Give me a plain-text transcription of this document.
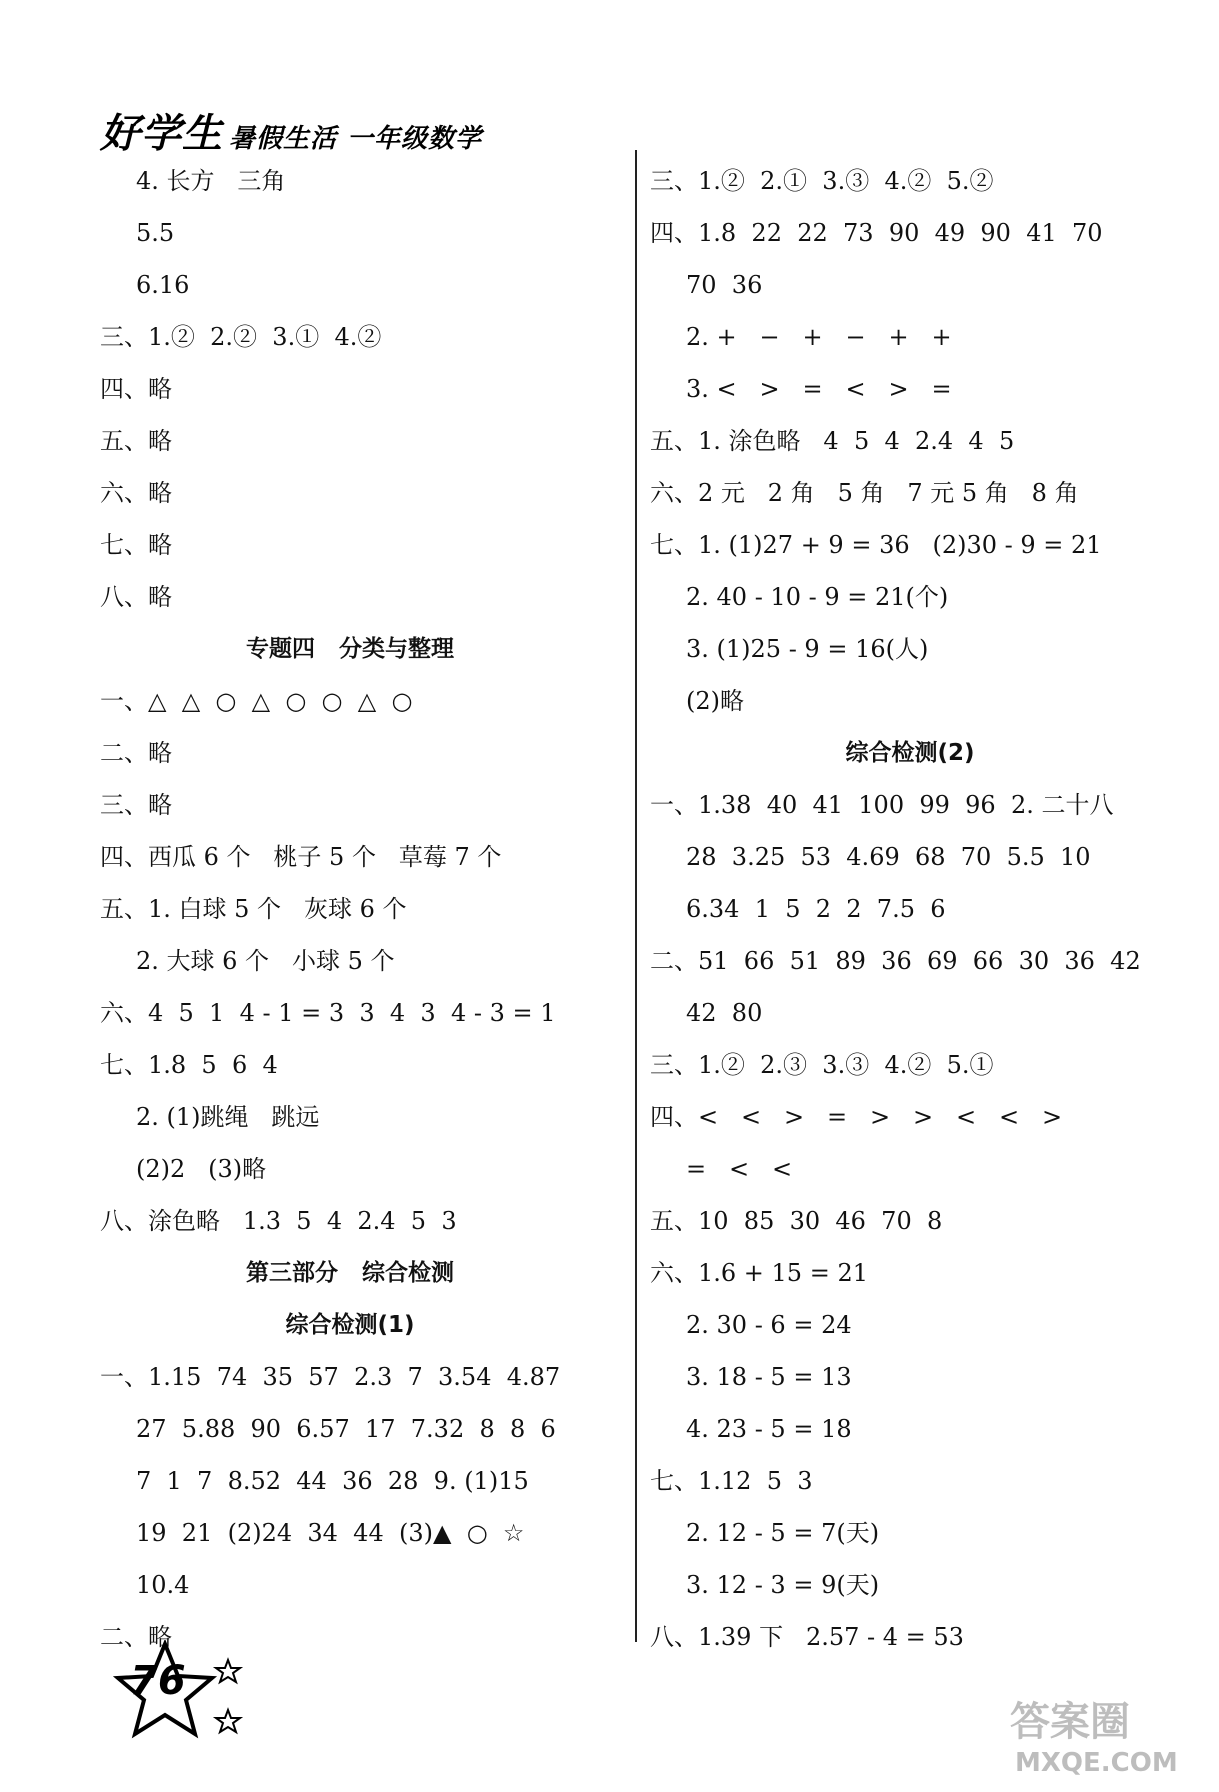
好学生 暑假生活 一年级数学
4. 长方   三角
5.5
6.16
三、1.②  2.②  3.①  4.②
四、略
五、略
六、略
七、略
八、略
专题四   分类与整理
一、△  △  ○  △  ○  ○  △  ○
二、略
三、略
四、西瓜 6 个   桃子 5 个   草莓 7 个
五、1. 白球 5 个   灰球 6 个
2. 大球 6 个   小球 5 个
六、4  5  1  4 - 1 = 3  3  4  3  4 - 3 = 1
七、1.8  5  6  4
2. (1)跳绳   跳远
(2)2   (3)略
八、涂色略   1.3  5  4  2.4  5  3
第三部分   综合检测
综合检测(1)
一、1.15  74  35  57  2.3  7  3.54  4.87
27  5.88  90  6.57  17  7.32  8  8  6
7  1  7  8.52  44  36  28  9. (1)15
19  21  (2)24  34  44  (3)▲  ○  ☆
10.4
二、略
三、1.②  2.①  3.③  4.②  5.②
四、1.8  22  22  73  90  49  90  41  70
70  36
2. +   −   +   −   +   +
3. <   >   =   <   >   =
五、1. 涂色略   4  5  4  2.4  4  5
六、2 元   2 角   5 角   7 元 5 角   8 角
七、1. (1)27 + 9 = 36   (2)30 - 9 = 21
2. 40 - 10 - 9 = 21(个)
3. (1)25 - 9 = 16(人)
(2)略
综合检测(2)
一、1.38  40  41  100  99  96  2. 二十八
28  3.25  53  4.69  68  70  5.5  10
6.34  1  5  2  2  7.5  6
二、51  66  51  89  36  69  66  30  36  42
42  80
三、1.②  2.③  3.③  4.②  5.①
四、<   <   >   =   >   >   <   <   >
=   <   <
五、10  85  30  46  70  8
六、1.6 + 15 = 21
2. 30 - 6 = 24
3. 18 - 5 = 13
4. 23 - 5 = 18
七、1.12  5  3
2. 12 - 5 = 7(天)
3. 12 - 3 = 9(天)
八、1.39 下   2.57 - 4 = 53
76
答案圈
MXQE.COM
